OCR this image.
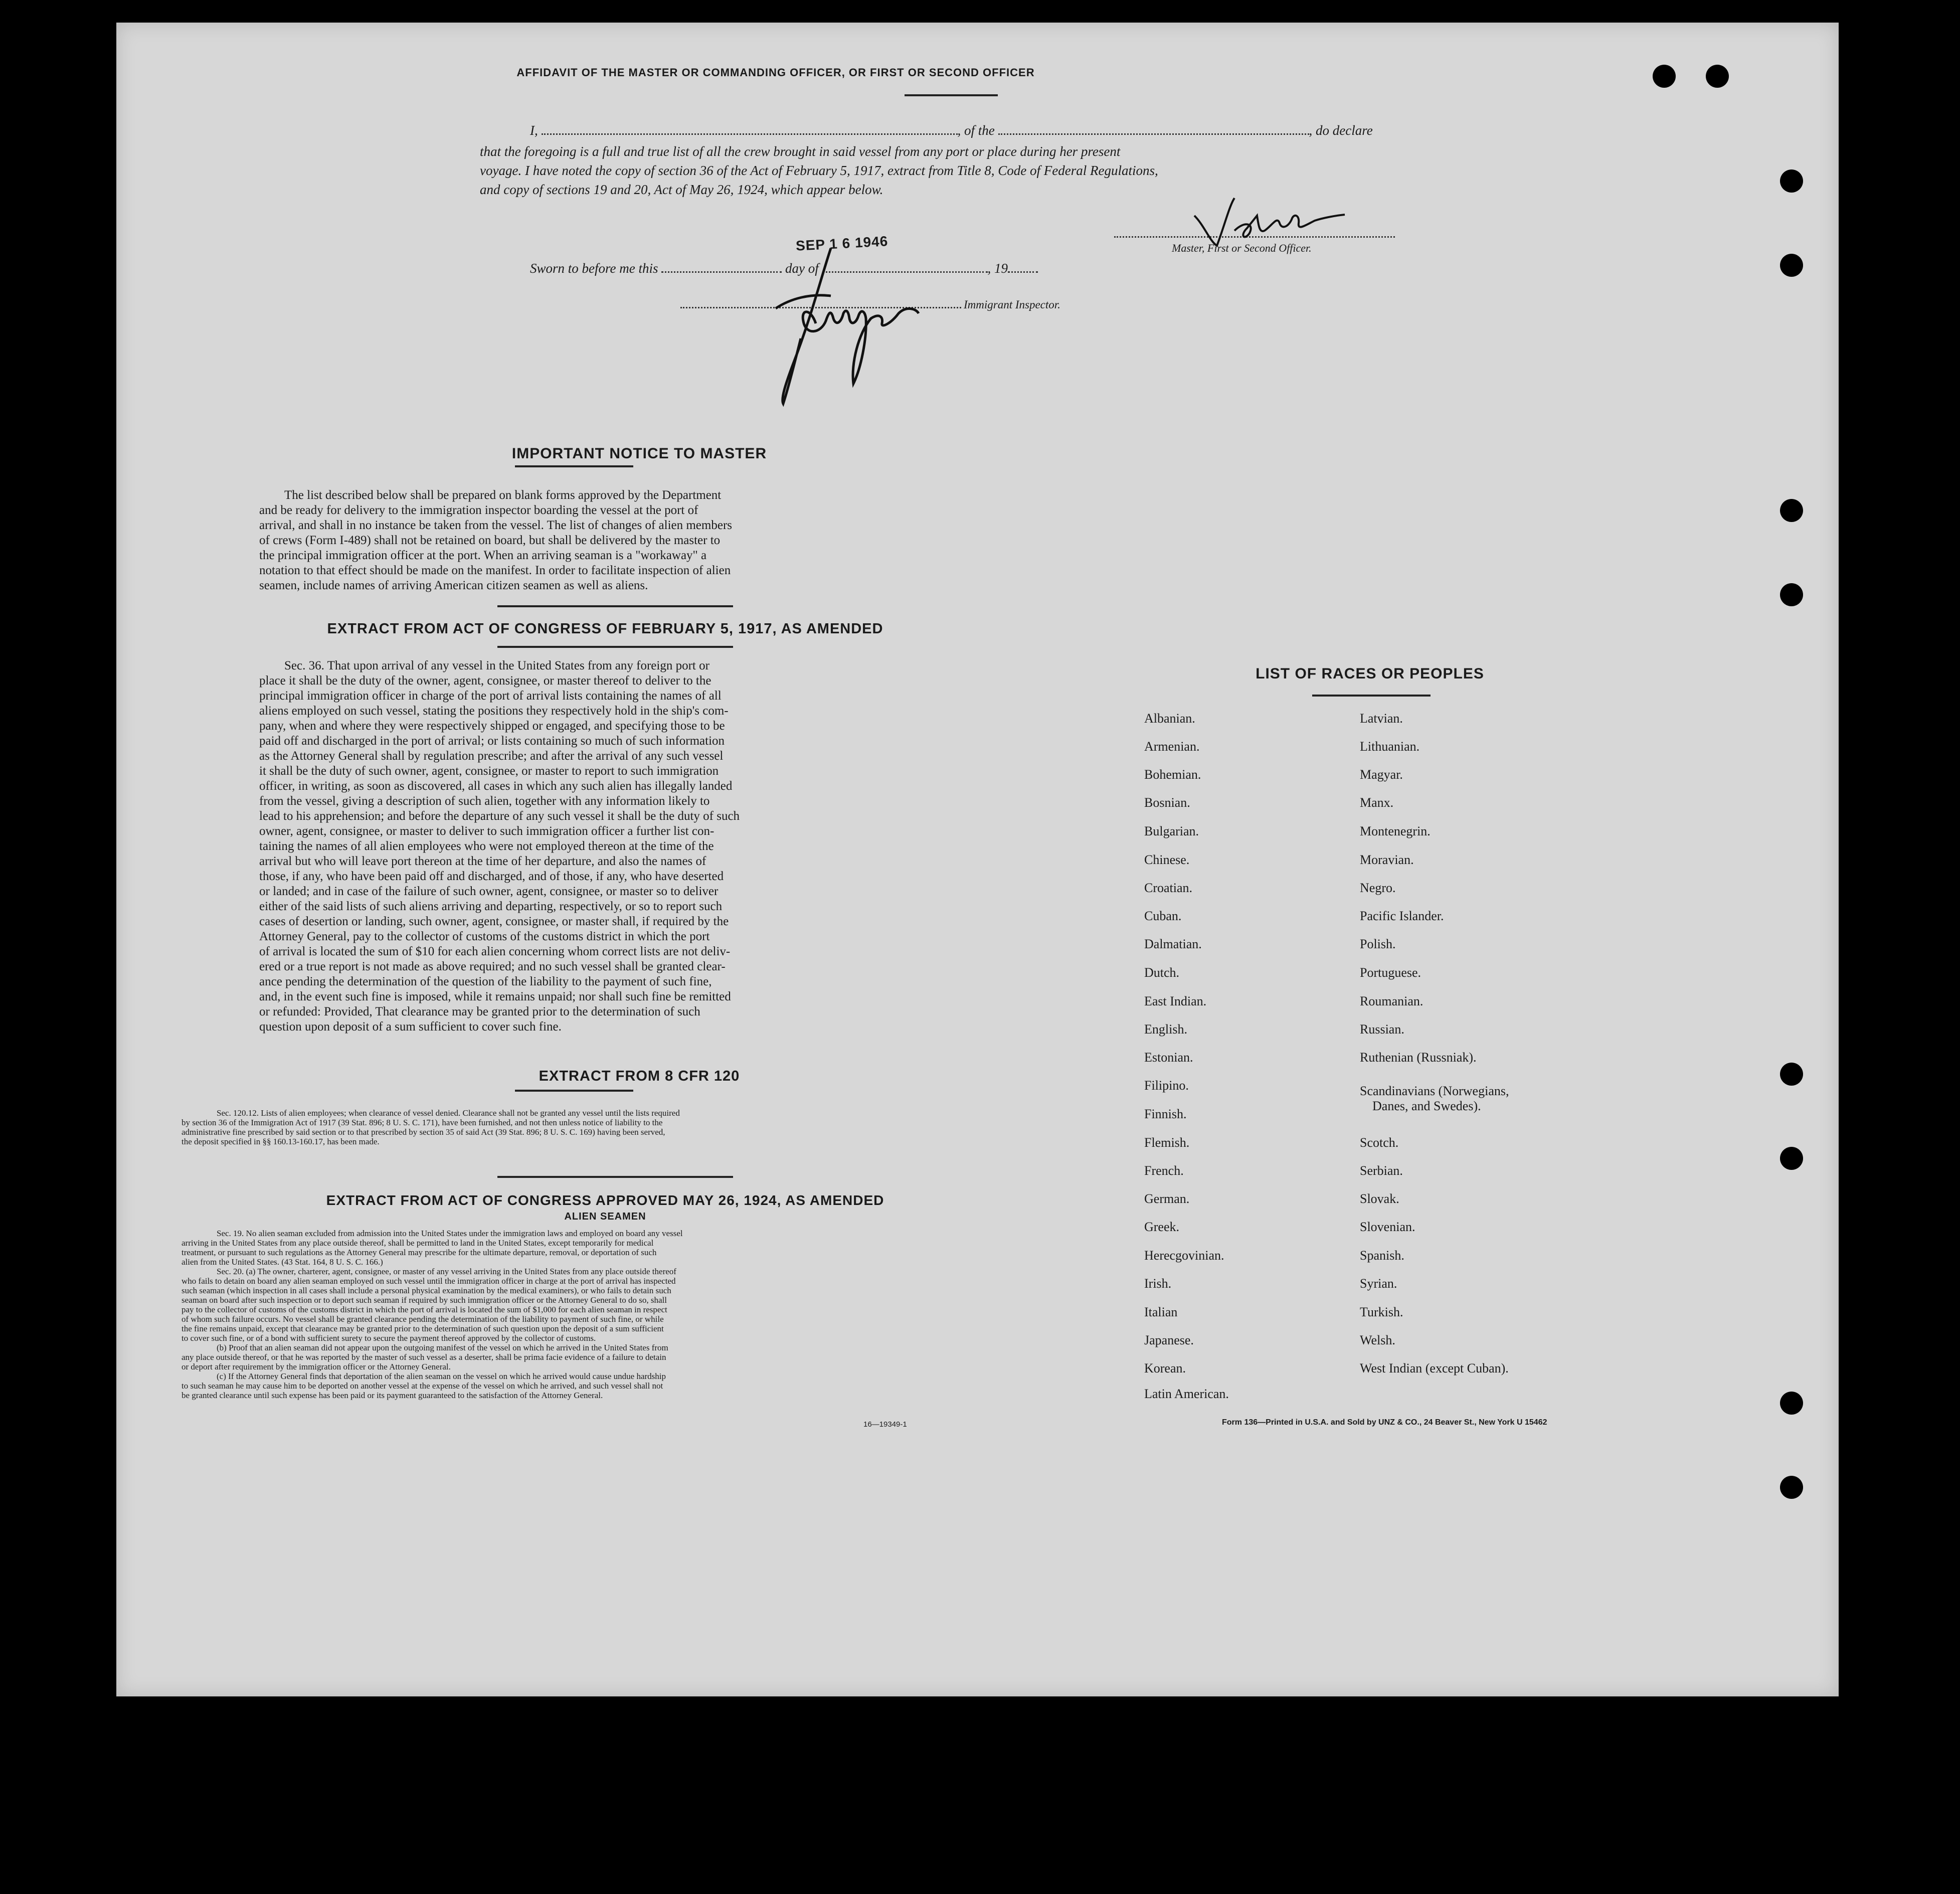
AFFIDAVIT OF THE MASTER OR COMMANDING OFFICER, OR FIRST OR SECOND OFFICER
I,	, of the	, do declare
that the foregoing is a full and true list of all the crew brought in said vessel from any port or place during her present
voyage. I have noted the copy of section 36 of the Act of February 5, 1917, extract from Title 8, Code of Federal Regulations,
and copy of sections 19 and 20, Act of May 26, 1924, which appear below.
Master, First or Second Officer.
Sworn to before me this	day of	, 19
SEP 1 6 1946
Immigrant Inspector.
IMPORTANT NOTICE TO MASTER
The list described below shall be prepared on blank forms approved by the Department
and be ready for delivery to the immigration inspector boarding the vessel at the port of
arrival, and shall in no instance be taken from the vessel. The list of changes of alien members
of crews (Form I-489) shall not be retained on board, but shall be delivered by the master to
the principal immigration officer at the port. When an arriving seaman is a "workaway" a
notation to that effect should be made on the manifest. In order to facilitate inspection of alien
seamen, include names of arriving American citizen seamen as well as aliens.
EXTRACT FROM ACT OF CONGRESS OF FEBRUARY 5, 1917, AS AMENDED
Sec. 36. That upon arrival of any vessel in the United States from any foreign port or
place it shall be the duty of the owner, agent, consignee, or master thereof to deliver to the
principal immigration officer in charge of the port of arrival lists containing the names of all
aliens employed on such vessel, stating the positions they respectively hold in the ship's com-
pany, when and where they were respectively shipped or engaged, and specifying those to be
paid off and discharged in the port of arrival; or lists containing so much of such information
as the Attorney General shall by regulation prescribe; and after the arrival of any such vessel
it shall be the duty of such owner, agent, consignee, or master to report to such immigration
officer, in writing, as soon as discovered, all cases in which any such alien has illegally landed
from the vessel, giving a description of such alien, together with any information likely to
lead to his apprehension; and before the departure of any such vessel it shall be the duty of such
owner, agent, consignee, or master to deliver to such immigration officer a further list con-
taining the names of all alien employees who were not employed thereon at the time of the
arrival but who will leave port thereon at the time of her departure, and also the names of
those, if any, who have been paid off and discharged, and of those, if any, who have deserted
or landed; and in case of the failure of such owner, agent, consignee, or master so to deliver
either of the said lists of such aliens arriving and departing, respectively, or so to report such
cases of desertion or landing, such owner, agent, consignee, or master shall, if required by the
Attorney General, pay to the collector of customs of the customs district in which the port
of arrival is located the sum of $10 for each alien concerning whom correct lists are not deliv-
ered or a true report is not made as above required; and no such vessel shall be granted clear-
ance pending the determination of the question of the liability to the payment of such fine,
and, in the event such fine is imposed, while it remains unpaid; nor shall such fine be remitted
or refunded: Provided, That clearance may be granted prior to the determination of such
question upon deposit of a sum sufficient to cover such fine.
EXTRACT FROM 8 CFR 120
Sec. 120.12. Lists of alien employees; when clearance of vessel denied. Clearance shall not be granted any vessel until the lists required
by section 36 of the Immigration Act of 1917 (39 Stat. 896; 8 U. S. C. 171), have been furnished, and not then unless notice of liability to the
administrative fine prescribed by said section or to that prescribed by section 35 of said Act (39 Stat. 896; 8 U. S. C. 169) having been served,
the deposit specified in §§ 160.13-160.17, has been made.
EXTRACT FROM ACT OF CONGRESS APPROVED MAY 26, 1924, AS AMENDED
ALIEN SEAMEN
Sec. 19. No alien seaman excluded from admission into the United States under the immigration laws and employed on board any vessel
arriving in the United States from any place outside thereof, shall be permitted to land in the United States, except temporarily for medical
treatment, or pursuant to such regulations as the Attorney General may prescribe for the ultimate departure, removal, or deportation of such
alien from the United States. (43 Stat. 164, 8 U. S. C. 166.)
Sec. 20. (a) The owner, charterer, agent, consignee, or master of any vessel arriving in the United States from any place outside thereof
who fails to detain on board any alien seaman employed on such vessel until the immigration officer in charge at the port of arrival has inspected
such seaman (which inspection in all cases shall include a personal physical examination by the medical examiners), or who fails to detain such
seaman on board after such inspection or to deport such seaman if required by such immigration officer or the Attorney General to do so, shall
pay to the collector of customs of the customs district in which the port of arrival is located the sum of $1,000 for each alien seaman in respect
of whom such failure occurs. No vessel shall be granted clearance pending the determination of the liability to payment of such fine, or while
the fine remains unpaid, except that clearance may be granted prior to the determination of such question upon the deposit of a sum sufficient
to cover such fine, or of a bond with sufficient surety to secure the payment thereof approved by the collector of customs.
(b) Proof that an alien seaman did not appear upon the outgoing manifest of the vessel on which he arrived in the United States from
any place outside thereof, or that he was reported by the master of such vessel as a deserter, shall be prima facie evidence of a failure to detain
or deport after requirement by the immigration officer or the Attorney General.
(c) If the Attorney General finds that deportation of the alien seaman on the vessel on which he arrived would cause undue hardship
to such seaman he may cause him to be deported on another vessel at the expense of the vessel on which he arrived, and such vessel shall not
be granted clearance until such expense has been paid or its payment guaranteed to the satisfaction of the Attorney General.
16—19349-1
LIST OF RACES OR PEOPLES
Albanian.
Armenian.
Bohemian.
Bosnian.
Bulgarian.
Chinese.
Croatian.
Cuban.
Dalmatian.
Dutch.
East Indian.
English.
Estonian.
Filipino.
Finnish.
Flemish.
French.
German.
Greek.
Herecgovinian.
Irish.
Italian
Japanese.
Korean.
Latin American.
Latvian.
Lithuanian.
Magyar.
Manx.
Montenegrin.
Moravian.
Negro.
Pacific Islander.
Polish.
Portuguese.
Roumanian.
Russian.
Ruthenian (Russniak).
Scandinavians (Norwegians,
Danes, and Swedes).
Scotch.
Serbian.
Slovak.
Slovenian.
Spanish.
Syrian.
Turkish.
Welsh.
West Indian (except Cuban).
Form 136—Printed in U.S.A. and Sold by UNZ & CO., 24 Beaver St., New York U 15462
